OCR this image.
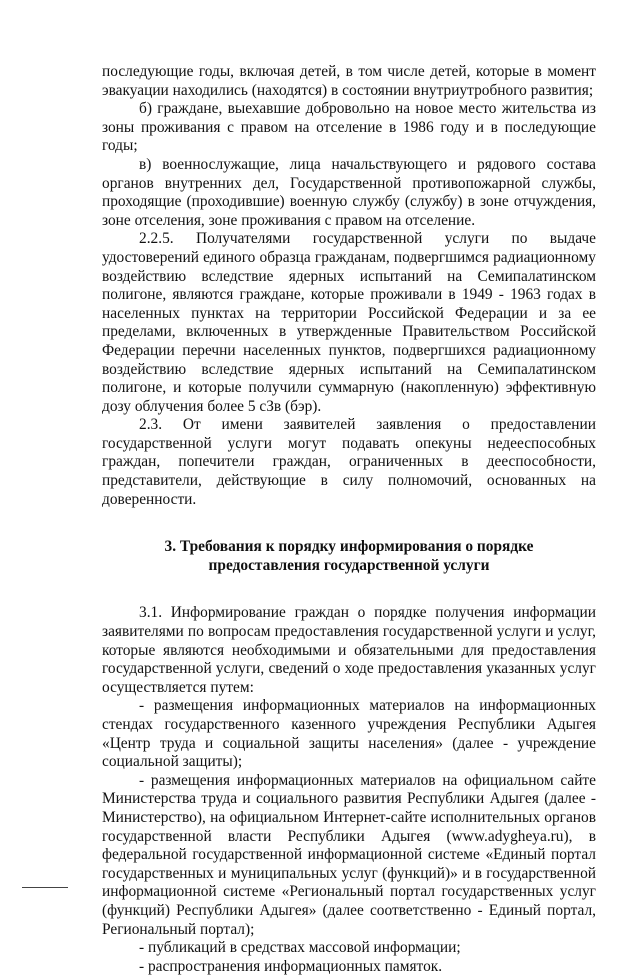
последующие годы, включая детей, в том числе детей, которые в момент эвакуации находились (находятся) в состоянии внутриутробного развития;

б) граждане, выехавшие добровольно на новое место жительства из зоны проживания с правом на отселение в 1986 году и в последующие годы;

в) военнослужащие, лица начальствующего и рядового состава органов внутренних дел, Государственной противопожарной службы, проходящие (проходившие) военную службу (службу) в зоне отчуждения, зоне отселения, зоне проживания с правом на отселение.

2.2.5. Получателями государственной услуги по выдаче удостоверений единого образца гражданам, подвергшимся радиационному воздействию вследствие ядерных испытаний на Семипалатинском полигоне, являются граждане, которые проживали в 1949 - 1963 годах в населенных пунктах на территории Российской Федерации и за ее пределами, включенных в утвержденные Правительством Российской Федерации перечни населенных пунктов, подвергшихся радиационному воздействию вследствие ядерных испытаний на Семипалатинском полигоне, и которые получили суммарную (накопленную) эффективную дозу облучения более 5 сЗв (бэр).

2.3. От имени заявителей заявления о предоставлении государственной услуги могут подавать опекуны недееспособных граждан, попечители граждан, ограниченных в дееспособности, представители, действующие в силу полномочий, основанных на доверенности.

3. Требования к порядку информирования о порядке
предоставления государственной услуги

3.1. Информирование граждан о порядке получения информации заявителями по вопросам предоставления государственной услуги и услуг, которые являются необходимыми и обязательными для предоставления государственной услуги, сведений о ходе предоставления указанных услуг осуществляется путем:

- размещения информационных материалов на информационных стендах государственного казенного учреждения Республики Адыгея «Центр труда и социальной защиты населения» (далее - учреждение социальной защиты);

- размещения информационных материалов на официальном сайте Министерства труда и социального развития Республики Адыгея (далее - Министерство), на официальном Интернет-сайте исполнительных органов государственной власти Республики Адыгея (www.adygheya.ru), в федеральной государственной информационной системе «Единый портал государственных и муниципальных услуг (функций)» и в государственной информационной системе «Региональный портал государственных услуг (функций) Республики Адыгея» (далее соответственно - Единый портал, Региональный портал);

- публикаций в средствах массовой информации;

- распространения информационных памяток.
